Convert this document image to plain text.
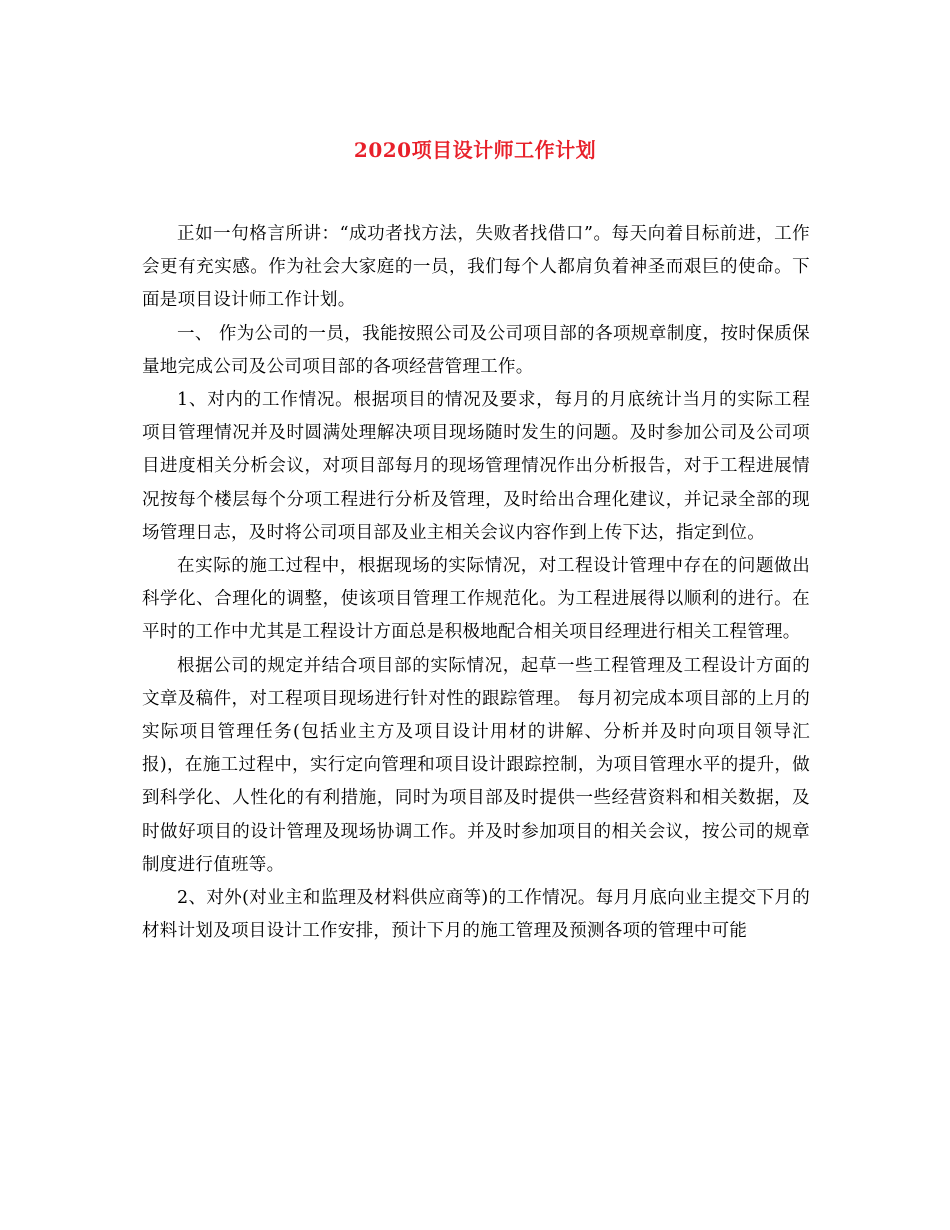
2020项目设计师工作计划

正如一句格言所讲：“成功者找方法，失败者找借口”。每天向着目标前进，工作会更有充实感。作为社会大家庭的一员，我们每个人都肩负着神圣而艰巨的使命。下面是项目设计师工作计划。

一、 作为公司的一员，我能按照公司及公司项目部的各项规章制度，按时保质保量地完成公司及公司项目部的各项经营管理工作。

1、对内的工作情况。根据项目的情况及要求，每月的月底统计当月的实际工程项目管理情况并及时圆满处理解决项目现场随时发生的问题。及时参加公司及公司项目进度相关分析会议，对项目部每月的现场管理情况作出分析报告，对于工程进展情况按每个楼层每个分项工程进行分析及管理，及时给出合理化建议，并记录全部的现场管理日志，及时将公司项目部及业主相关会议内容作到上传下达，指定到位。

在实际的施工过程中，根据现场的实际情况，对工程设计管理中存在的问题做出科学化、合理化的调整，使该项目管理工作规范化。为工程进展得以顺利的进行。在平时的工作中尤其是工程设计方面总是积极地配合相关项目经理进行相关工程管理。

根据公司的规定并结合项目部的实际情况，起草一些工程管理及工程设计方面的文章及稿件，对工程项目现场进行针对性的跟踪管理。 每月初完成本项目部的上月的实际项目管理任务(包括业主方及项目设计用材的讲解、分析并及时向项目领导汇报)，在施工过程中，实行定向管理和项目设计跟踪控制，为项目管理水平的提升，做到科学化、人性化的有利措施，同时为项目部及时提供一些经营资料和相关数据，及时做好项目的设计管理及现场协调工作。并及时参加项目的相关会议，按公司的规章制度进行值班等。

2、对外(对业主和监理及材料供应商等)的工作情况。每月月底向业主提交下月的材料计划及项目设计工作安排，预计下月的施工管理及预测各项的管理中可能
